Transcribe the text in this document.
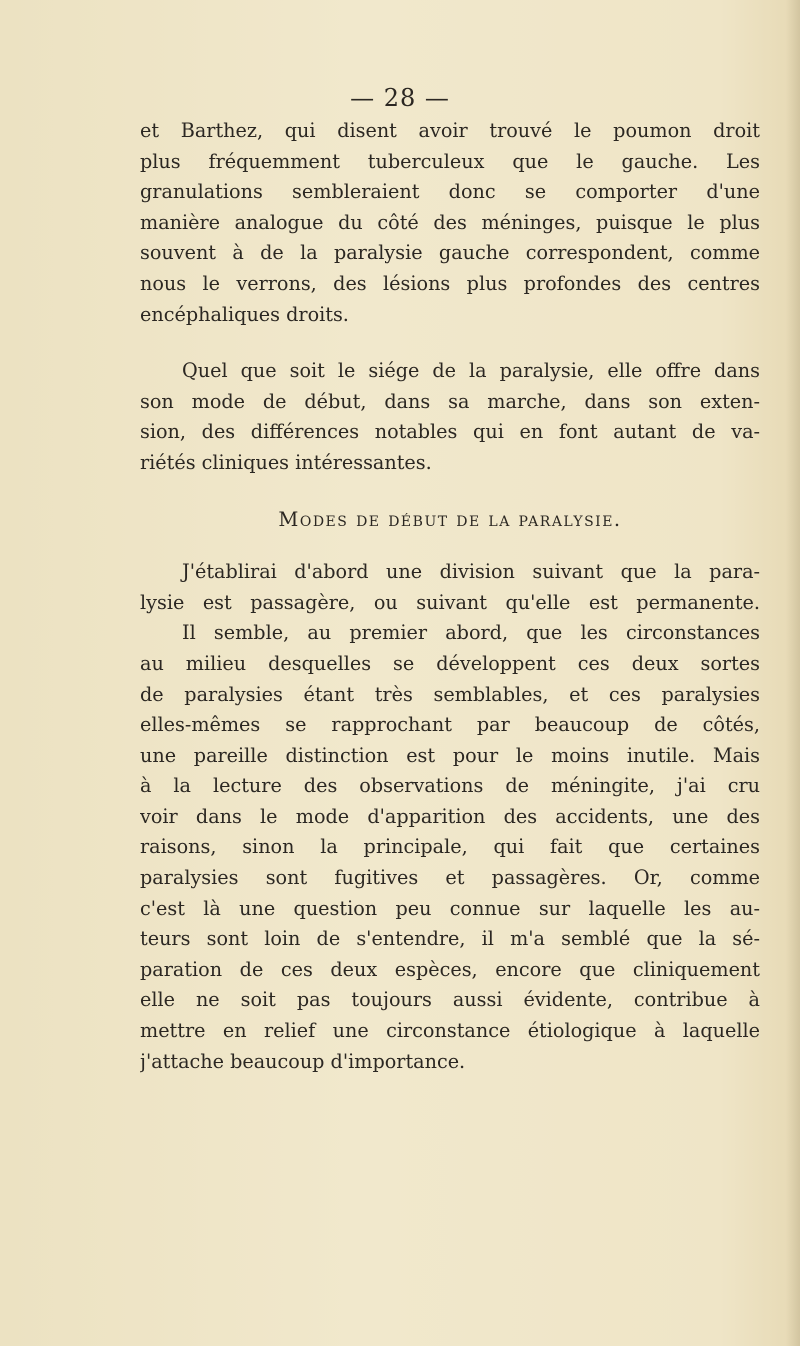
— 28 —

et Barthez, qui disent avoir trouvé le poumon droit
plus fréquemment tuberculeux que le gauche. Les
granulations sembleraient donc se comporter d'une
manière analogue du côté des méninges, puisque le plus
souvent à de la paralysie gauche correspondent, comme
nous le verrons, des lésions plus profondes des centres
encéphaliques droits.
Quel que soit le siége de la paralysie, elle offre dans
son mode de début, dans sa marche, dans son exten-
sion, des différences notables qui en font autant de va-
riétés cliniques intéressantes.
Modes de début de la paralysie.
J'établirai d'abord une division suivant que la para-
lysie est passagère, ou suivant qu'elle est permanente.
Il semble, au premier abord, que les circonstances
au milieu desquelles se développent ces deux sortes
de paralysies étant très semblables, et ces paralysies
elles-mêmes se rapprochant par beaucoup de côtés,
une pareille distinction est pour le moins inutile. Mais
à la lecture des observations de méningite, j'ai cru
voir dans le mode d'apparition des accidents, une des
raisons, sinon la principale, qui fait que certaines
paralysies sont fugitives et passagères. Or, comme
c'est là une question peu connue sur laquelle les au-
teurs sont loin de s'entendre, il m'a semblé que la sé-
paration de ces deux espèces, encore que cliniquement
elle ne soit pas toujours aussi évidente, contribue à
mettre en relief une circonstance étiologique à laquelle
j'attache beaucoup d'importance.
